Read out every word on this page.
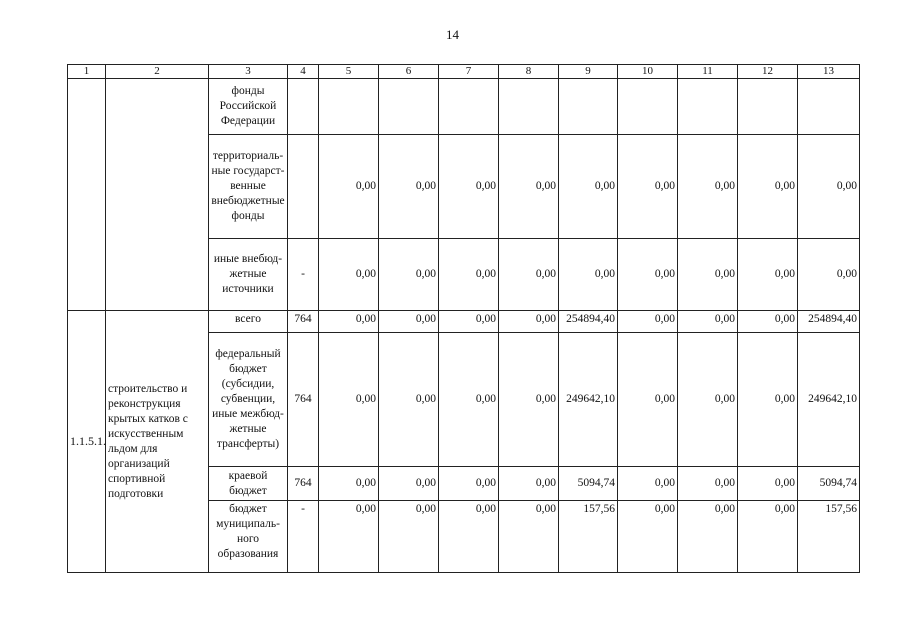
14
1	2	3	4	5	6	7	8	9	10	11	12	13
		фонды Российской Федерации										
		территориаль-ные государст-венные внебюджетные фонды		0,00	0,00	0,00	0,00	0,00	0,00	0,00	0,00	0,00
		иные внебюд-жетные источники	-	0,00	0,00	0,00	0,00	0,00	0,00	0,00	0,00	0,00
1.1.5.1.	строительство и реконструкция крытых катков с искусственным льдом для организаций спортивной подготовки	всего	764	0,00	0,00	0,00	0,00	254894,40	0,00	0,00	0,00	254894,40
		федеральный бюджет (субсидии, субвенции, иные межбюд-жетные трансферты)	764	0,00	0,00	0,00	0,00	249642,10	0,00	0,00	0,00	249642,10
		краевой бюджет	764	0,00	0,00	0,00	0,00	5094,74	0,00	0,00	0,00	5094,74
		бюджет муниципаль-ного образования	-	0,00	0,00	0,00	0,00	157,56	0,00	0,00	0,00	157,56
